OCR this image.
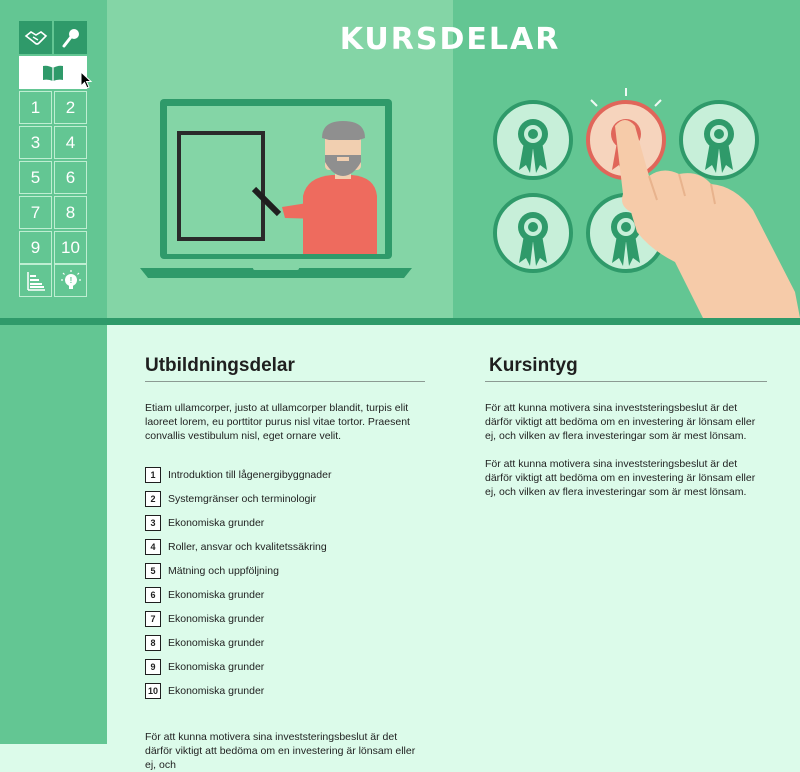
KURSDELAR
1	2
3	4
5	6
7	8
9	10
!
Utbildningsdelar

Etiam ullamcorper, justo at ullamcorper blandit, turpis elit laoreet lorem, eu porttitor purus nisl vitae tortor. Praesent convallis vestibulum nisl, eget ornare velit.

1	Introduktion till lågenergibyggnader
2	Systemgränser och terminologir
3	Ekonomiska grunder
4	Roller, ansvar och kvalitetssäkring
5	Mätning och uppföljning
6	Ekonomiska grunder
7	Ekonomiska grunder
8	Ekonomiska grunder
9	Ekonomiska grunder
10 Ekonomiska grunder

För att kunna motivera sina investsteringsbeslut är det därför viktigt att bedöma om en investering är lönsam eller ej, och

Kursintyg

För att kunna motivera sina investsteringsbeslut är det därför viktigt att bedöma om en investering är lönsam eller ej, och vilken av flera investeringar som är mest lönsam.

För att kunna motivera sina investsteringsbeslut är det därför viktigt att bedöma om en investering är lönsam eller ej, och vilken av flera investeringar som är mest lönsam.
